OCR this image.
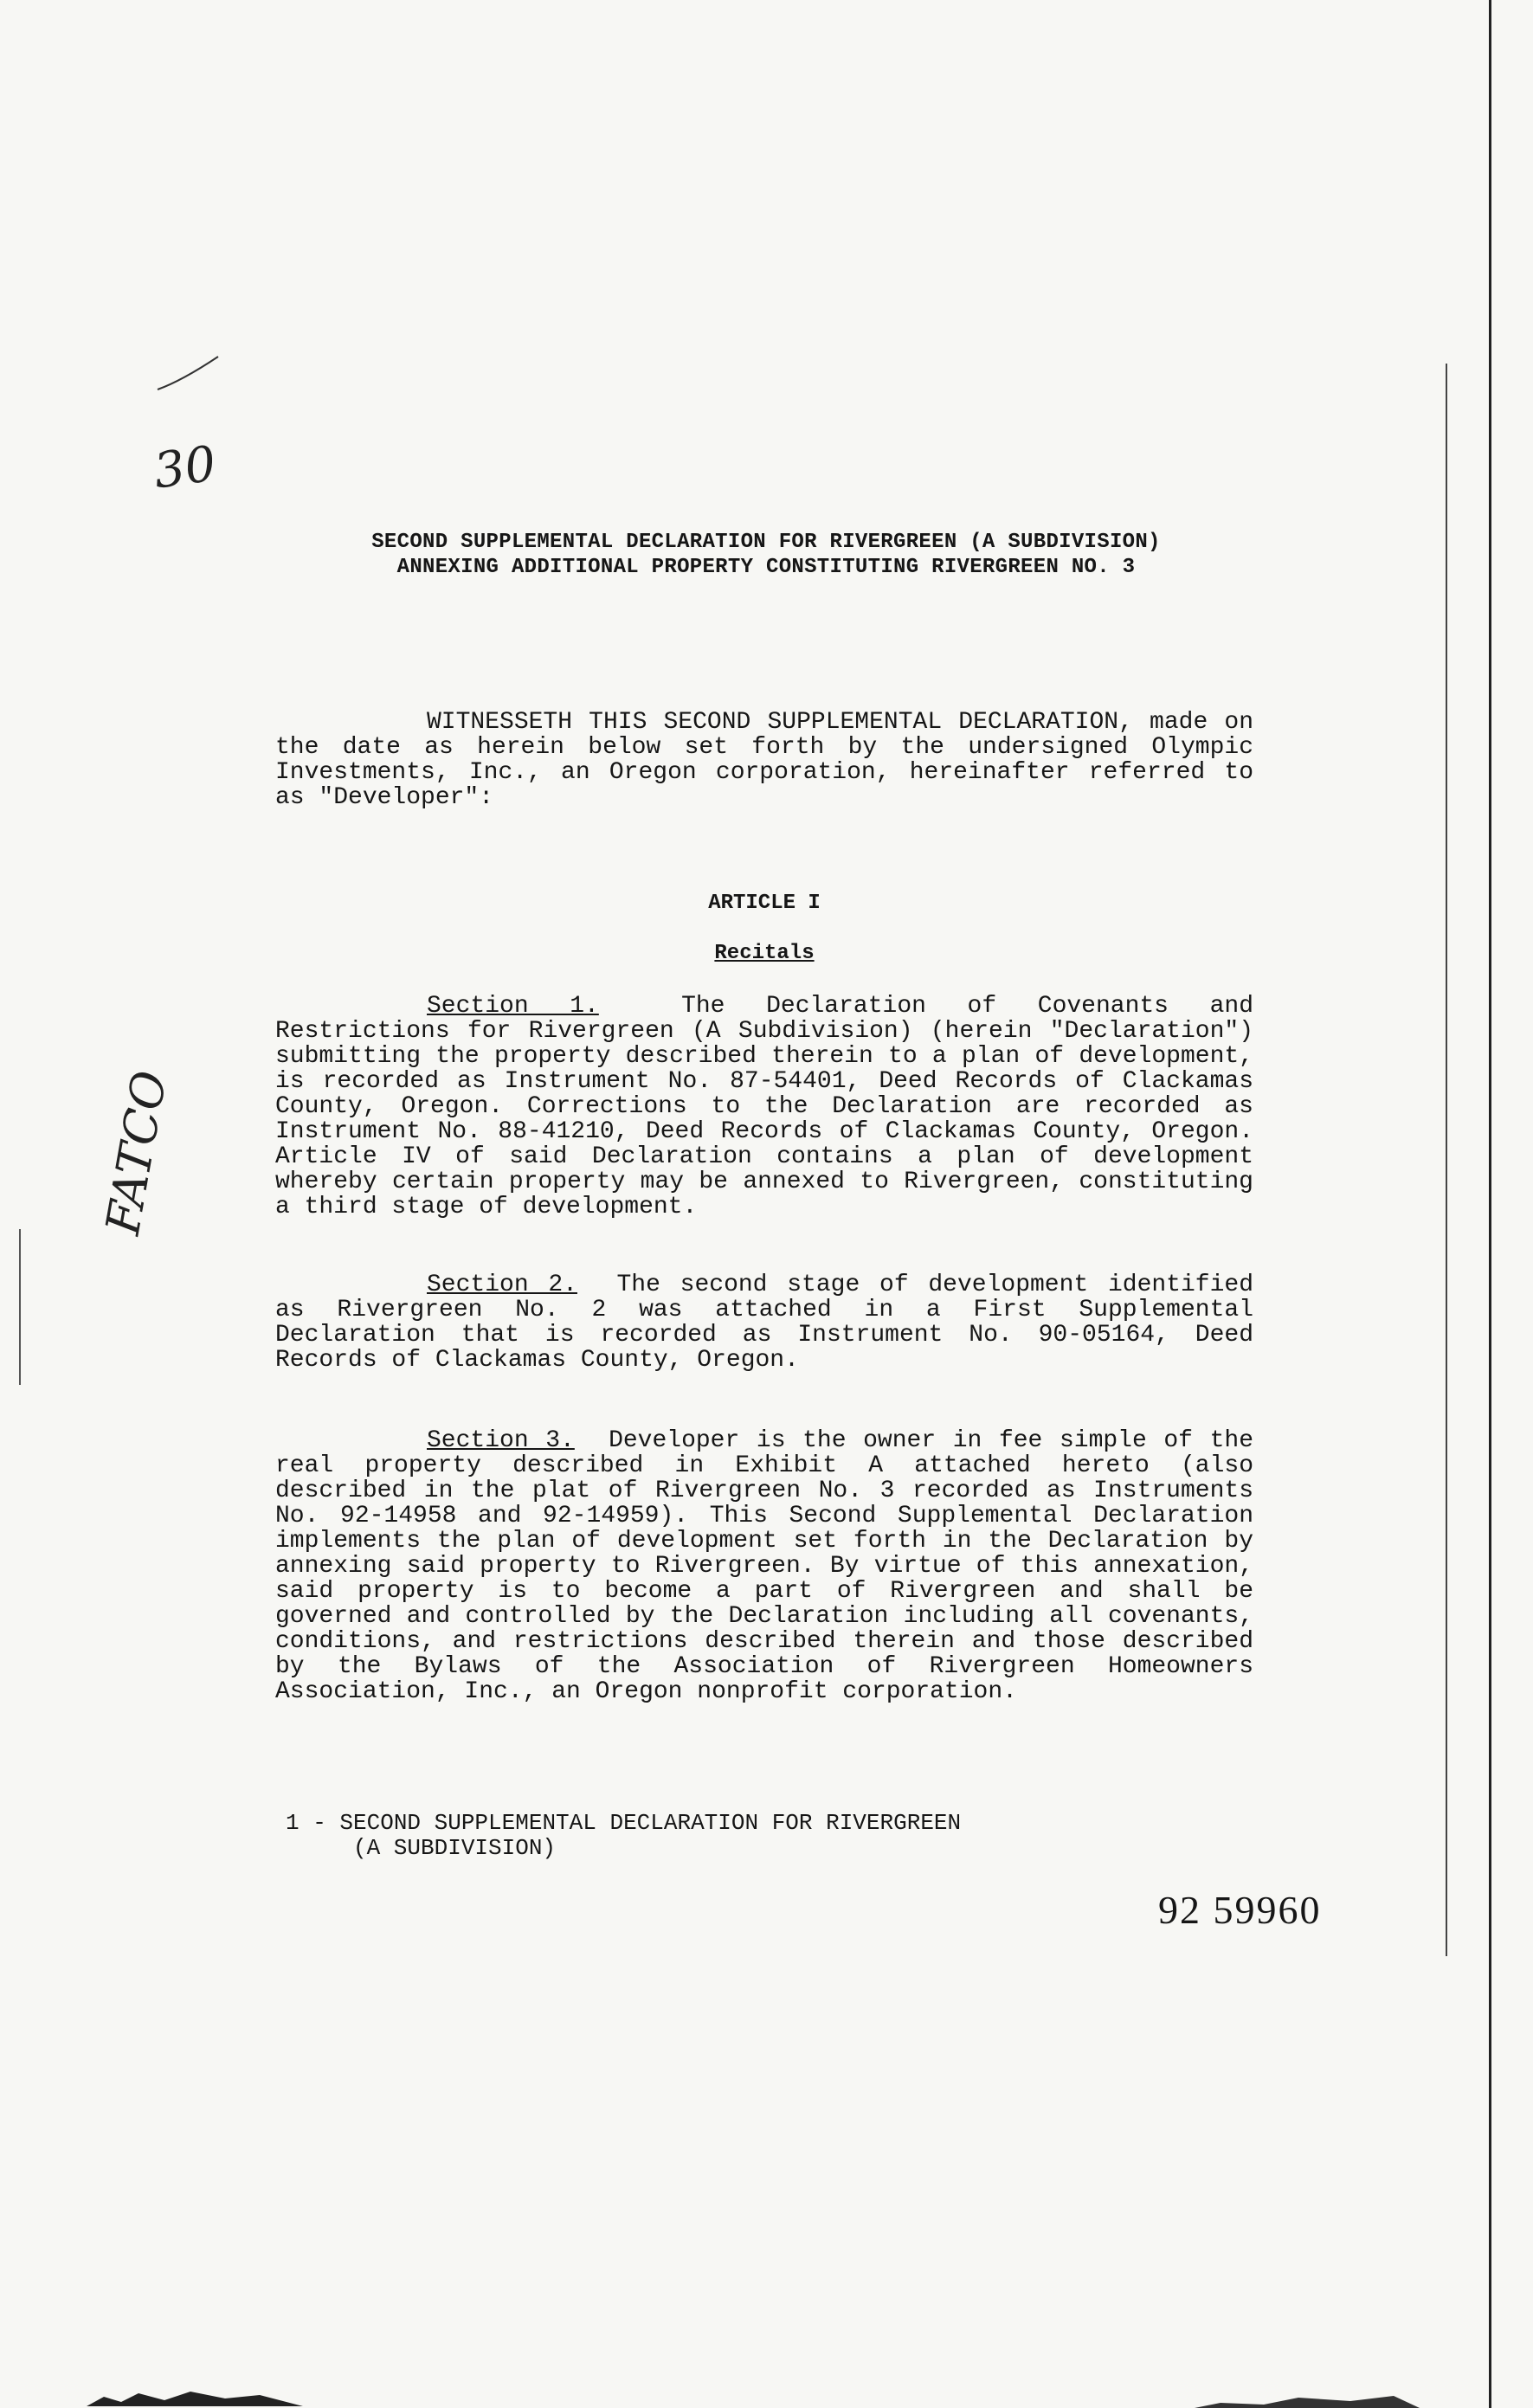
30
FATCO
SECOND SUPPLEMENTAL DECLARATION FOR RIVERGREEN (A SUBDIVISION)
ANNEXING ADDITIONAL PROPERTY CONSTITUTING RIVERGREEN NO. 3
WITNESSETH THIS SECOND SUPPLEMENTAL DECLARATION, made on the date as herein below set forth by the undersigned Olympic Investments, Inc., an Oregon corporation, hereinafter referred to as "Developer":
ARTICLE I
Recitals
Section 1.	The Declaration of Covenants and Restrictions for Rivergreen (A Subdivision) (herein "Declaration") submitting the property described therein to a plan of development, is recorded as Instrument No. 87-54401, Deed Records of Clackamas County, Oregon. Corrections to the Declaration are recorded as Instrument No. 88-41210, Deed Records of Clackamas County, Oregon. Article IV of said Declaration contains a plan of development whereby certain property may be annexed to Rivergreen, constituting a third stage of development.
Section 2. The second stage of development identified as Rivergreen No. 2 was attached in a First Supplemental Declaration that is recorded as Instrument No. 90-05164, Deed Records of Clackamas County, Oregon.
Section 3. Developer is the owner in fee simple of the real property described in Exhibit A attached hereto (also described in the plat of Rivergreen No. 3 recorded as Instruments No. 92-14958 and 92-14959). This Second Supplemental Declaration implements the plan of development set forth in the Declaration by annexing said property to Rivergreen. By virtue of this annexation, said property is to become a part of Rivergreen and shall be governed and controlled by the Declaration including all covenants, conditions, and restrictions described therein and those described by the Bylaws of the Association of Rivergreen Homeowners Association, Inc., an Oregon nonprofit corporation.
1 - SECOND SUPPLEMENTAL DECLARATION FOR RIVERGREEN
(A SUBDIVISION)
92 59960
